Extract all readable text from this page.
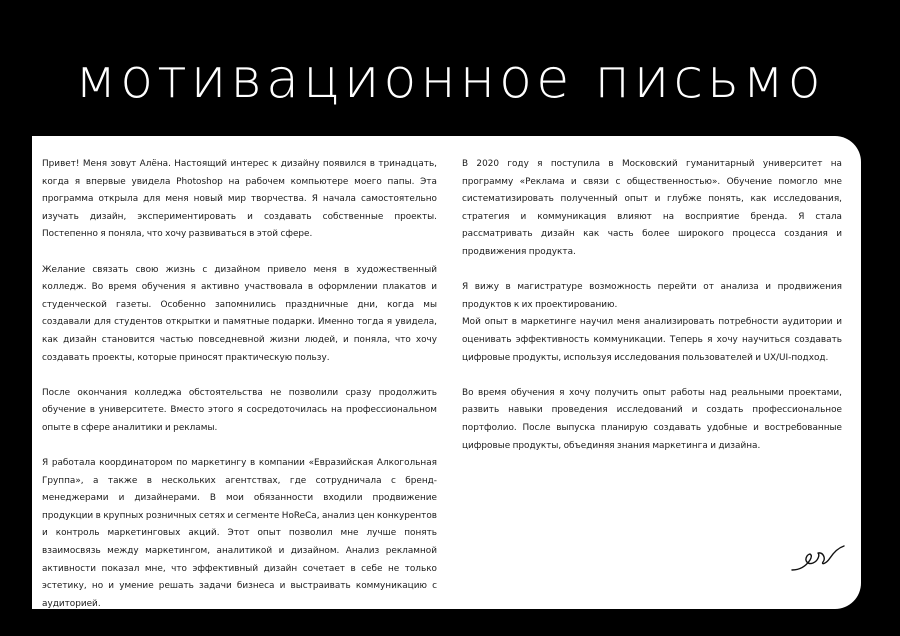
мотивационное письмо

Привет! Меня зовут Алёна. Настоящий интерес к дизайну появился в тринадцать, когда я впервые увидела Photoshop на рабочем компьютере моего папы. Эта программа открыла для меня новый мир творчества. Я начала самостоятельно изучать дизайн, экспериментировать и создавать собственные проекты. Постепенно я поняла, что хочу развиваться в этой сфере.

Желание связать свою жизнь с дизайном привело меня в художественный колледж. Во время обучения я активно участвовала в оформлении плакатов и студенческой газеты. Особенно запомнились праздничные дни, когда мы создавали для студентов открытки и памятные подарки. Именно тогда я увидела, как дизайн становится частью повседневной жизни людей, и поняла, что хочу создавать проекты, которые приносят практическую пользу.

После окончания колледжа обстоятельства не позволили сразу продолжить обучение в университете. Вместо этого я сосредоточилась на профессиональном опыте в сфере аналитики и рекламы.

Я работала координатором по маркетингу в компании «Евразийская Алкогольная Группа», а также в нескольких агентствах, где сотрудничала с бренд-менеджерами и дизайнерами. В мои обязанности входили продвижение продукции в крупных розничных сетях и сегменте HoReCa, анализ цен конкурентов и контроль маркетинговых акций. Этот опыт позволил мне лучше понять взаимосвязь между маркетингом, аналитикой и дизайном. Анализ рекламной активности показал мне, что эффективный дизайн сочетает в себе не только эстетику, но и умение решать задачи бизнеса и выстраивать коммуникацию с аудиторией.

В 2020 году я поступила в Московский гуманитарный университет на программу «Реклама и связи с общественностью». Обучение помогло мне систематизировать полученный опыт и глубже понять, как исследования, стратегия и коммуникация влияют на восприятие бренда. Я стала рассматривать дизайн как часть более широкого процесса создания и продвижения продукта.

Я вижу в магистратуре возможность перейти от анализа и продвижения продуктов к их проектированию.

Мой опыт в маркетинге научил меня анализировать потребности аудитории и оценивать эффективность коммуникации. Теперь я хочу научиться создавать цифровые продукты, используя исследования пользователей и UX/UI-подход.

Во время обучения я хочу получить опыт работы над реальными проектами, развить навыки проведения исследований и создать профессиональное портфолио. После выпуска планирую создавать удобные и востребованные цифровые продукты, объединяя знания маркетинга и дизайна.
